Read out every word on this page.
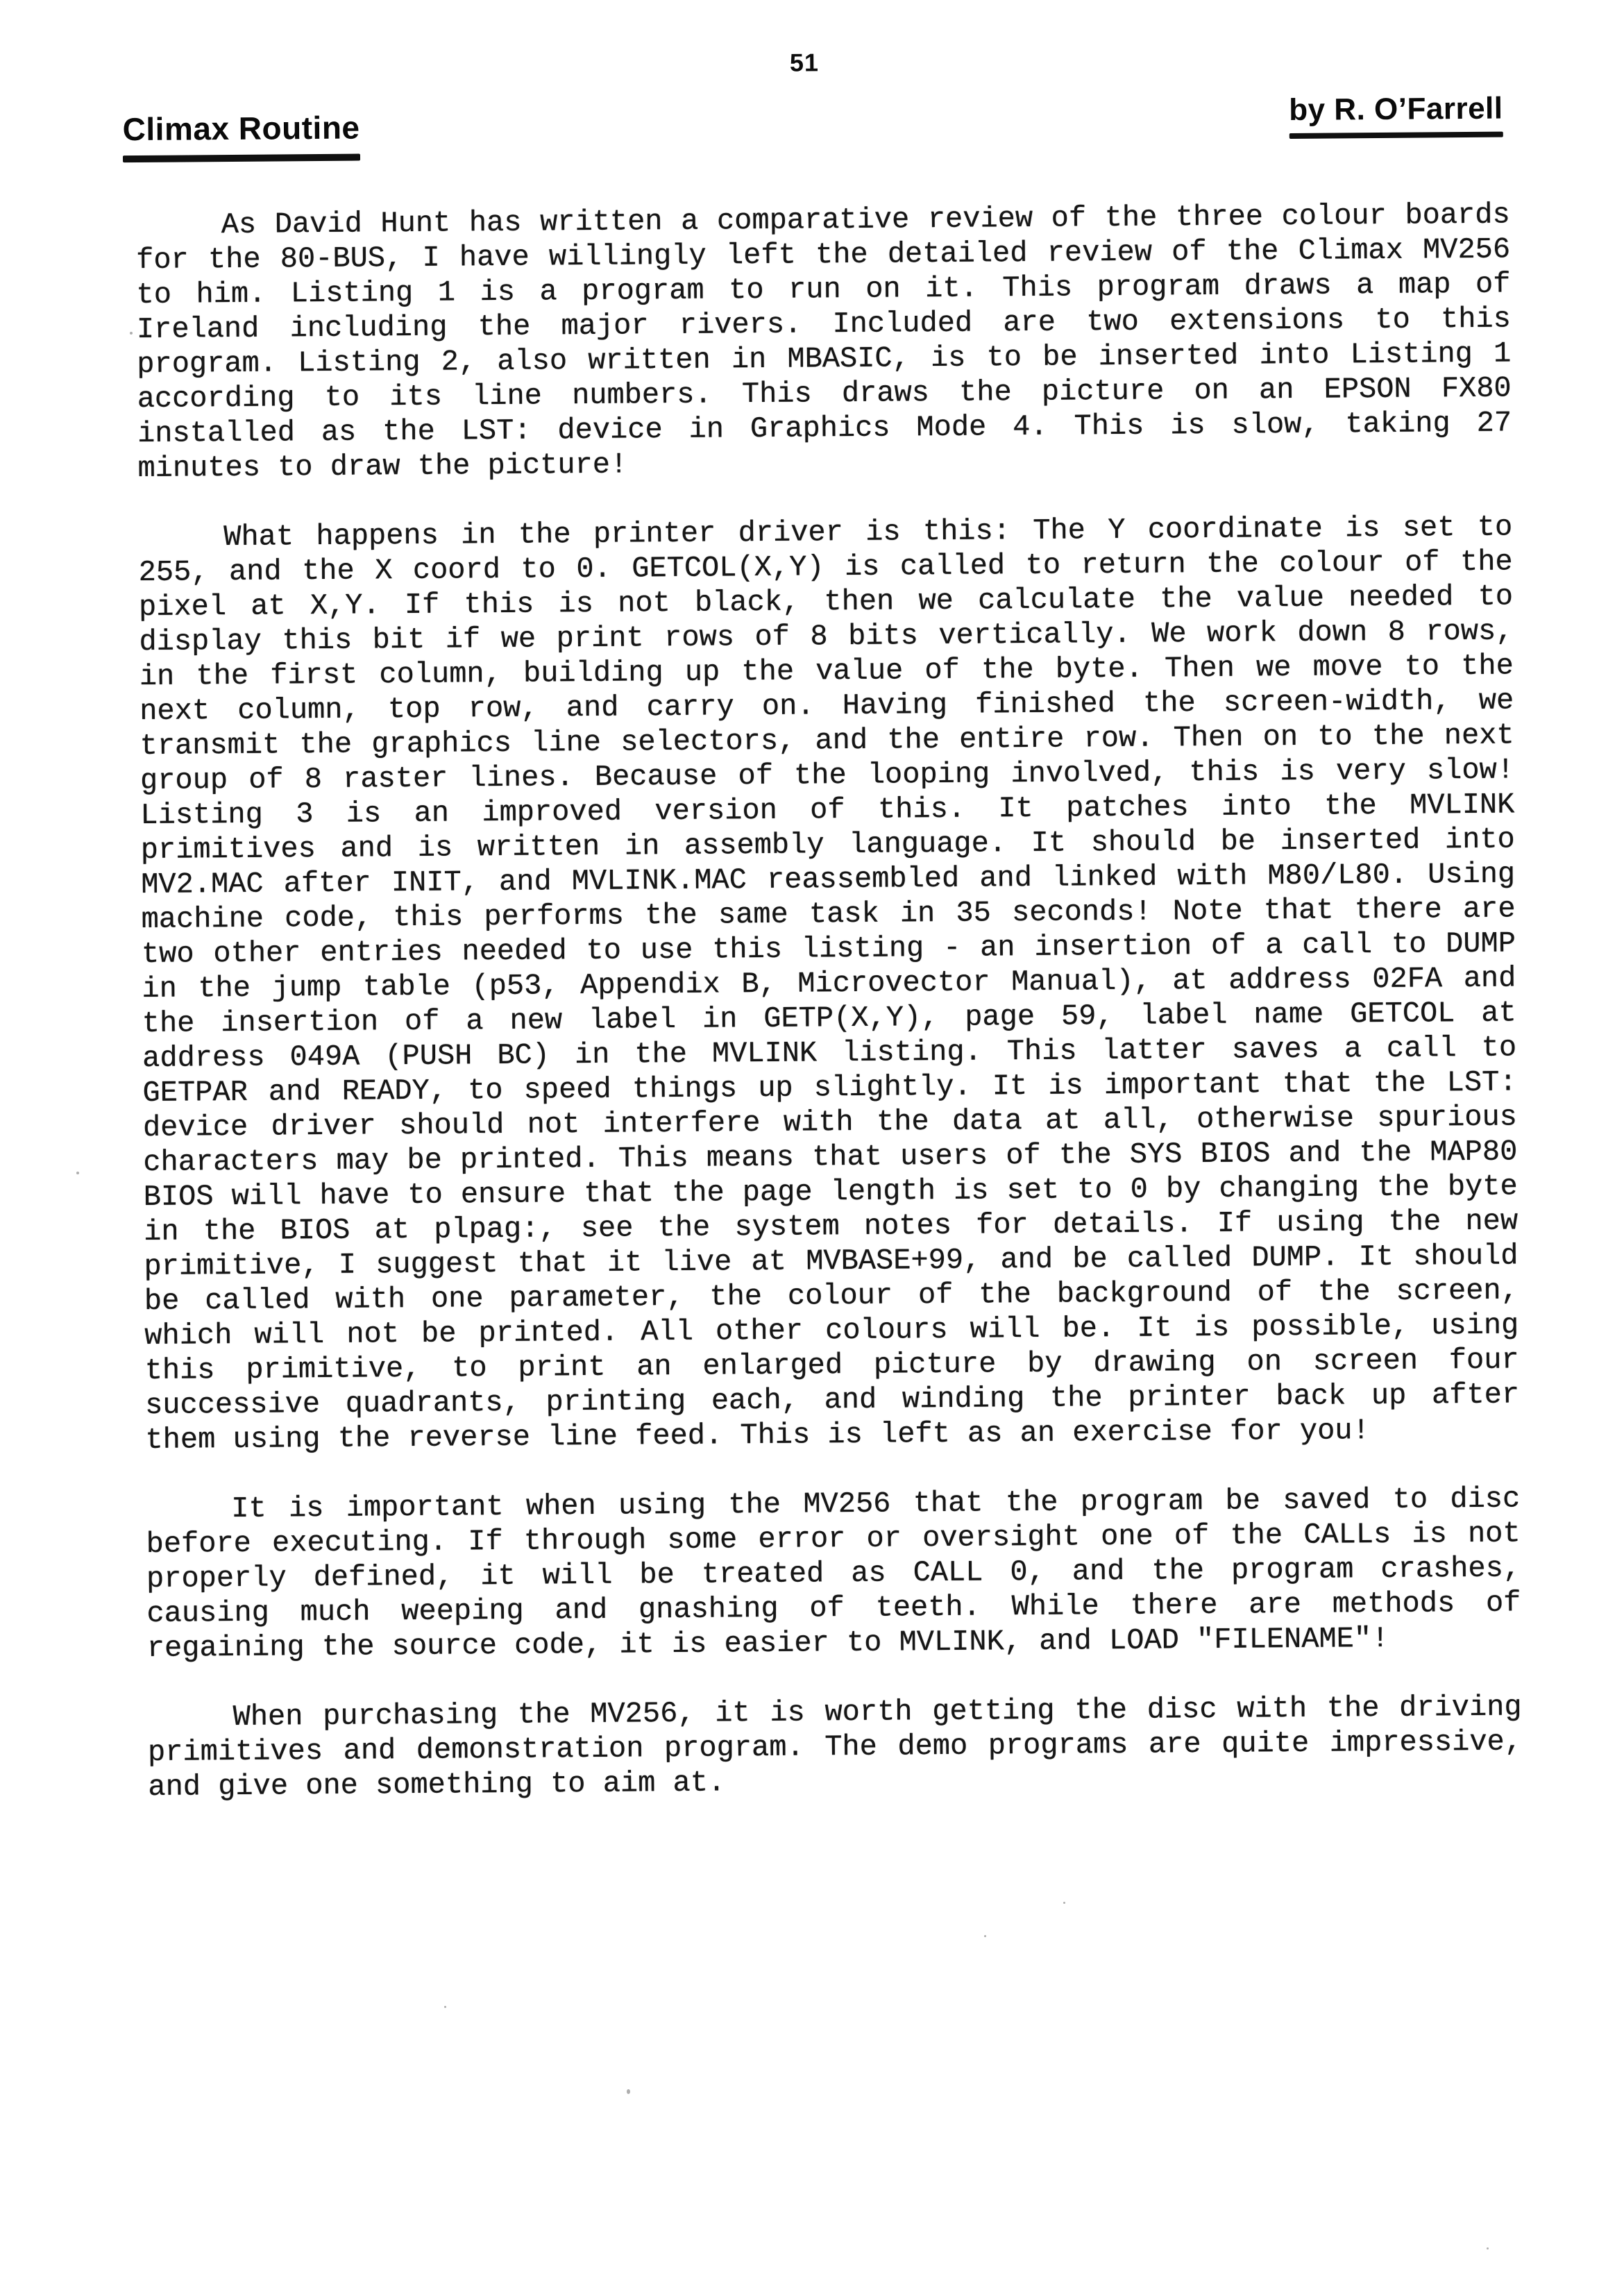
51
Climax Routine
by R. O’Farrell
As David Hunt has written a comparative review of the three colour boards
for the 80-BUS, I have willingly left the detailed review of the Climax MV256
to him. Listing 1 is a program to run on it. This program draws a map of
Ireland including the major rivers. Included are two extensions to this
program. Listing 2, also written in MBASIC, is to be inserted into Listing 1
according to its line numbers. This draws the picture on an EPSON FX80
installed as the LST: device in Graphics Mode 4. This is slow, taking 27
minutes to draw the picture!
What happens in the printer driver is this: The Y coordinate is set to
255, and the X coord to 0. GETCOL(X,Y) is called to return the colour of the
pixel at X,Y. If this is not black, then we calculate the value needed to
display this bit if we print rows of 8 bits vertically. We work down 8 rows,
in the first column, building up the value of the byte. Then we move to the
next column, top row, and carry on. Having finished the screen-width, we
transmit the graphics line selectors, and the entire row. Then on to the next
group of 8 raster lines. Because of the looping involved, this is very slow!
Listing 3 is an improved version of this. It patches into the MVLINK
primitives and is written in assembly language. It should be inserted into
MV2.MAC after INIT, and MVLINK.MAC reassembled and linked with M80/L80. Using
machine code, this performs the same task in 35 seconds! Note that there are
two other entries needed to use this listing - an insertion of a call to DUMP
in the jump table (p53, Appendix B, Microvector Manual), at address 02FA and
the insertion of a new label in GETP(X,Y), page 59, label name GETCOL at
address 049A (PUSH BC) in the MVLINK listing. This latter saves a call to
GETPAR and READY, to speed things up slightly. It is important that the LST:
device driver should not interfere with the data at all, otherwise spurious
characters may be printed. This means that users of the SYS BIOS and the MAP80
BIOS will have to ensure that the page length is set to 0 by changing the byte
in the BIOS at plpag:, see the system notes for details. If using the new
primitive, I suggest that it live at MVBASE+99, and be called DUMP. It should
be called with one parameter, the colour of the background of the screen,
which will not be printed. All other colours will be. It is possible, using
this primitive, to print an enlarged picture by drawing on screen four
successive quadrants, printing each, and winding the printer back up after
them using the reverse line feed. This is left as an exercise for you!
It is important when using the MV256 that the program be saved to disc
before executing. If through some error or oversight one of the CALLs is not
properly defined, it will be treated as CALL 0, and the program crashes,
causing much weeping and gnashing of teeth. While there are methods of
regaining the source code, it is easier to MVLINK, and LOAD "FILENAME"!
When purchasing the MV256, it is worth getting the disc with the driving
primitives and demonstration program. The demo programs are quite impressive,
and give one something to aim at.
